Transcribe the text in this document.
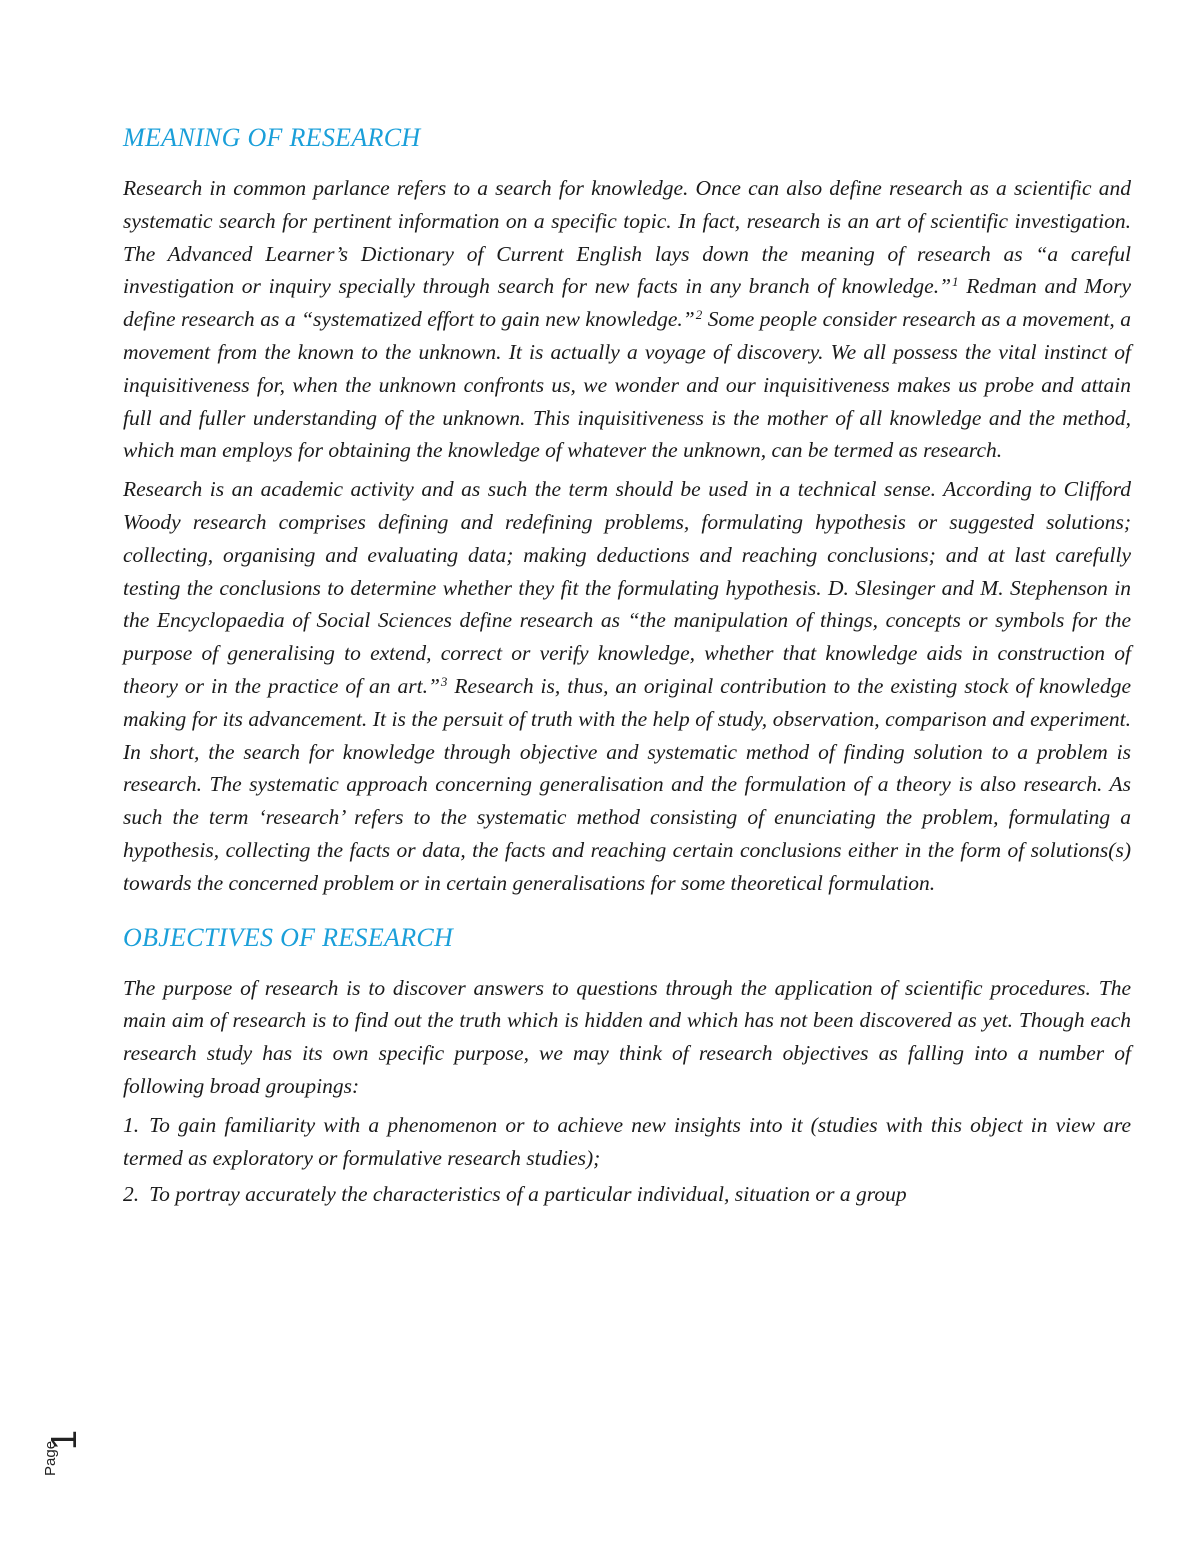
MEANING OF RESEARCH

Research in common parlance refers to a search for knowledge. Once can also define research as a scientific and systematic search for pertinent information on a specific topic. In fact, research is an art of scientific investigation. The Advanced Learner’s Dictionary of Current English lays down the meaning of research as “a careful investigation or inquiry specially through search for new facts in any branch of knowledge.”$^1$ Redman and Mory define research as a “systematized effort to gain new knowledge.”$^2$ Some people consider research as a movement, a movement from the known to the unknown. It is actually a voyage of discovery. We all possess the vital instinct of inquisitiveness for, when the unknown confronts us, we wonder and our inquisitiveness makes us probe and attain full and fuller understanding of the unknown. This inquisitiveness is the mother of all knowledge and the method, which man employs for obtaining the knowledge of whatever the unknown, can be termed as research.

Research is an academic activity and as such the term should be used in a technical sense. According to Clifford Woody research comprises defining and redefining problems, formulating hypothesis or suggested solutions; collecting, organising and evaluating data; making deductions and reaching conclusions; and at last carefully testing the conclusions to determine whether they fit the formulating hypothesis. D. Slesinger and M. Stephenson in the Encyclopaedia of Social Sciences define research as “the manipulation of things, concepts or symbols for the purpose of generalising to extend, correct or verify knowledge, whether that knowledge aids in construction of theory or in the practice of an art.”$^3$ Research is, thus, an original contribution to the existing stock of knowledge making for its advancement. It is the persuit of truth with the help of study, observation, comparison and experiment. In short, the search for knowledge through objective and systematic method of finding solution to a problem is research. The systematic approach concerning generalisation and the formulation of a theory is also research. As such the term ‘research’ refers to the systematic method consisting of enunciating the problem, formulating a hypothesis, collecting the facts or data, the facts and reaching certain conclusions either in the form of solutions(s) towards the concerned problem or in certain generalisations for some theoretical formulation.

OBJECTIVES OF RESEARCH

The purpose of research is to discover answers to questions through the application of scientific procedures. The main aim of research is to find out the truth which is hidden and which has not been discovered as yet. Though each research study has its own specific purpose, we may think of research objectives as falling into a number of following broad groupings:

1. To gain familiarity with a phenomenon or to achieve new insights into it (studies with this object in view are termed as exploratory or formulative research studies);
2. To portray accurately the characteristics of a particular individual, situation or a group
Page
1
